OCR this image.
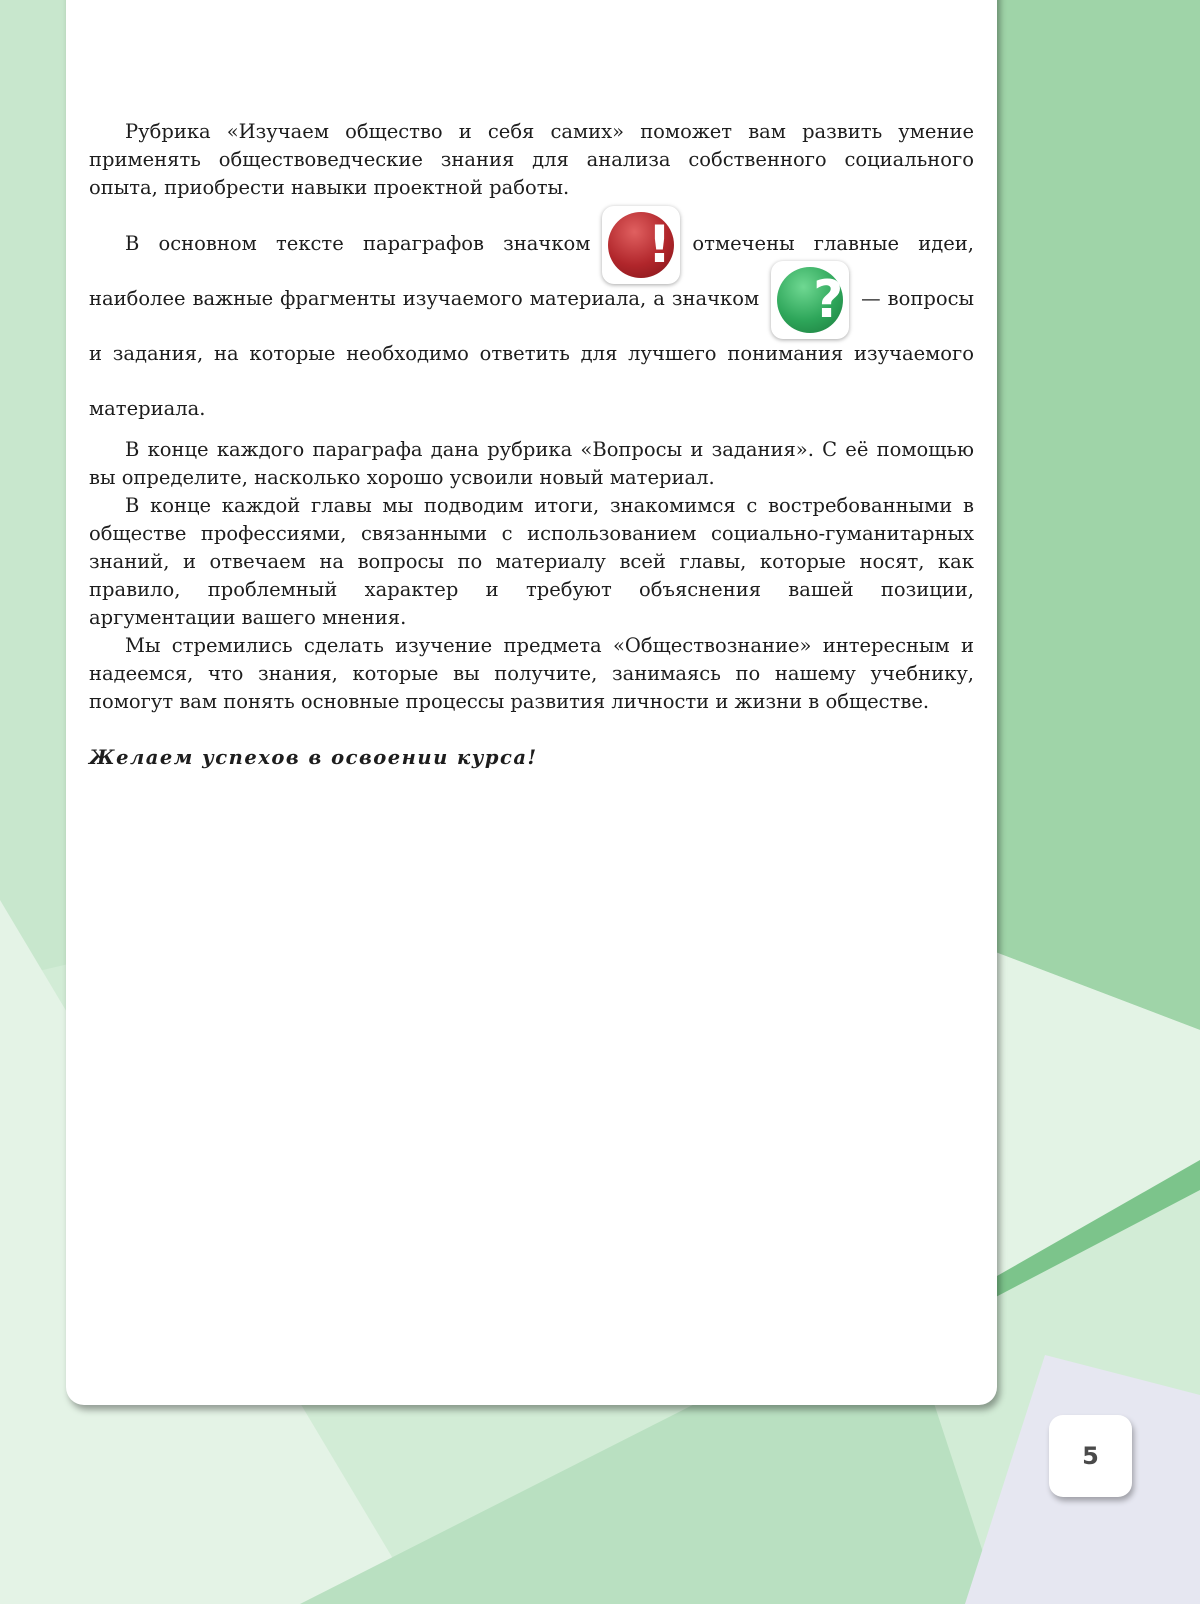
Рубрика «Изучаем общество и себя самих» поможет вам развить умение применять обществоведческие знания для анализа собственного социального опыта, приобрести навыки проектной работы.

В основном тексте параграфов значком	! отмечены главные идеи, наиболее важные фрагменты изучаемого материала, а значком	? — вопросы и задания, на которые необходимо ответить для лучшего понимания изучаемого материала.

В конце каждого параграфа дана рубрика «Вопросы и задания». С её помощью вы определите, насколько хорошо усвоили новый материал.

В конце каждой главы мы подводим итоги, знакомимся с востребованными в обществе профессиями, связанными с использованием социально-гуманитарных знаний, и отвечаем на вопросы по материалу всей главы, которые носят, как правило, проблемный характер и требуют объяснения вашей позиции, аргументации вашего мнения.

Мы стремились сделать изучение предмета «Обществознание» интересным и надеемся, что знания, которые вы получите, занимаясь по нашему учебнику, помогут вам понять основные процессы развития личности и жизни в обществе.

Желаем успехов в освоении курса!

5
